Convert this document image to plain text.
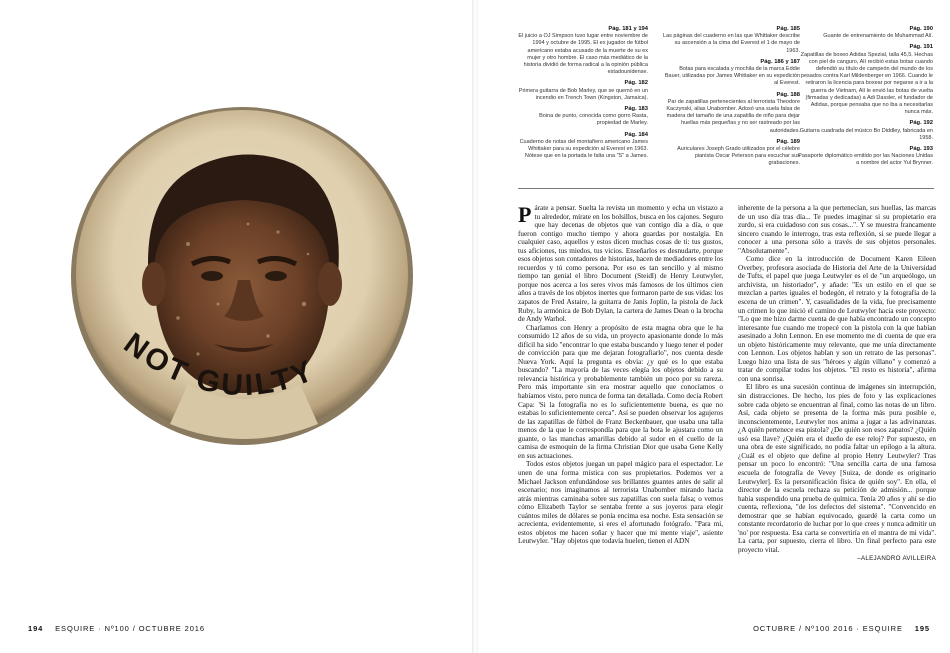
NOT GUILTY
194 ESQUIRE · Nº100 / OCTUBRE 2016
Pág. 181 y 194
El juicio a OJ Simpson tuvo lugar entre noviembre de 1994 y octubre de 1995. El ex jugador de fútbol americano estaba acusado de la muerte de su ex mujer y otro hombre. El caso más mediático de la historia dividió de forma radical a la opinión pública estadounidense.
Pág. 182
Primera guitarra de Bob Marley, que se quemó en un incendio en Trench Town (Kingston, Jamaica).
Pág. 183
Boina de punto, conocida como gorro Rasta, propiedad de Marley.
Pág. 184
Cuaderno de notas del montañero americano James Whittaker para su expedición al Everest en 1963. Nótese que en la portada le falta una "S" a James.
Pág. 185
Las páginas del cuaderno en las que Whittaker describe su ascensión a la cima del Everest el 1 de mayo de 1963.
Pág. 186 y 187
Botas para escalada y mochila de la marca Eddie Bauer, utilizadas por James Whittaker en su expedición al Everest.
Pág. 188
Par de zapatillas pertenecientes al terrorista Theodore Kaczynski, alias Unabomber. Adosó una suela falsa de madera del tamaño de una zapatilla de niño para dejar huellas más pequeñas y no ser rastreado por las autoridades.
Pág. 189
Auriculares Joseph Grado utilizados por el célebre pianista Oscar Peterson para escuchar sus grabaciones.
Pág. 190
Guante de entrenamiento de Muhammad Alí.
Pág. 191
Zapatillas de boxeo Adidas Spezial, talla 45,5. Hechas con piel de canguro, Alí recibió estas botas cuando defendió su título de campeón del mundo de los pesados contra Karl Mildenberger en 1966. Cuando le retiraron la licencia para boxear por negarse a ir a la guerra de Vietnam, Alí le envió las botas de vuelta (firmadas y dedicadas) a Adi Dassler, el fundador de Adidas, porque pensaba que no iba a necesitarlas nunca más.
Pág. 192
Guitarra cuadrada del músico Bo Diddley, fabricada en 1958.
Pág. 193
Pasaporte diplomático emitido por las Naciones Unidas a nombre del actor Yul Brynner.

Párate a pensar. Suelta la revista un momento y echa un vistazo a tu alrededor, mírate en los bolsillos, busca en los cajones. Seguro que hay decenas de objetos que van contigo día a día, o que fueron contigo mucho tiempo y ahora guardas por nostalgia. En cualquier caso, aquellos y estos dicen muchas cosas de ti: tus gustos, tus aficiones, tus miedos, tus vicios. Enseñarlos es desnudarte, porque esos objetos son contadores de historias, hacen de mediadores entre los recuerdos y tú como persona. Por eso es tan sencillo y al mismo tiempo tan genial el libro Document (Steidl) de Henry Leutwyler, porque nos acerca a los seres vivos más famosos de los últimos cien años a través de los objetos inertes que formaron parte de sus vidas: los zapatos de Fred Astaire, la guitarra de Janis Joplin, la pistola de Jack Ruby, la armónica de Bob Dylan, la cartera de James Dean o la brocha de Andy Warhol.

Charlamos con Henry a propósito de esta magna obra que le ha consumido 12 años de su vida, un proyecto apasionante donde lo más difícil ha sido "encontrar lo que estaba buscando y luego tener el poder de convicción para que me dejaran fotografiarlo", nos cuenta desde Nueva York. Aquí la pregunta es obvia: ¿y qué es lo que estaba buscando? "La mayoría de las veces elegía los objetos debido a su relevancia histórica y probablemente también un poco por su rareza. Pero más importante sin era mostrar aquello que conocíamos o habíamos visto, pero nunca de forma tan detallada. Como decía Robert Capa: 'Si la fotografía no es lo suficientemente buena, es que no estabas lo suficientemente cerca". Así se pueden observar los agujeros de las zapatillas de fútbol de Franz Beckenbauer, que usaba una talla menos de la que le correspondía para que la bota le ajustara como un guante, o las manchas amarillas debido al sudor en el cuello de la camisa de esmoquin de la firma Christian Dior que usaba Gene Kelly en sus actuaciones.

Todos estos objetos juegan un papel mágico para el espectador. Le unen de una forma mística con sus propietarios. Podemos ver a Michael Jackson enfundándose sus brillantes guantes antes de salir al escenario; nos imaginamos al terrorista Unabomber mirando hacia atrás mientras caminaba sobre sus zapatillas con suela falsa; o vemos cómo Elizabeth Taylor se sentaba frente a sus joyeros para elegir cuántos miles de dólares se ponía encima esa noche. Esta sensación se acrecienta, evidentemente, si eres el afortunado fotógrafo. "Para mí, estos objetos me hacen soñar y hacer que mi mente viaje", asiente Leutwyler. "Hay objetos que todavía huelen, tienen el ADN

inherente de la persona a la que pertenecían, sus huellas, las marcas de un uso día tras día... Te puedes imaginar si su propietario era zurdo, si era cuidadoso con sus cosas...". Y se muestra francamente sincero cuando le interrogo, tras esta reflexión, si se puede llegar a conocer a una persona sólo a través de sus objetos personales. "Absolutamente".

Como dice en la introducción de Document Karen Eileen Overbey, profesora asociada de Historia del Arte de la Universidad de Tufts, el papel que juega Leutwyler es el de "un arqueólogo, un archivista, un historiador", y añade: "Es un estilo en el que se mezclan a partes iguales el bodegón, el retrato y la fotografía de la escena de un crimen". Y, casualidades de la vida, fue precisamente un crimen lo que inició el camino de Leutwyler hacia este proyecto: "Lo que me hizo darme cuenta de que había encontrado un concepto interesante fue cuando me tropecé con la pistola con la que habían asesinado a John Lennon. En ese momento me di cuenta de que era un objeto históricamente muy relevante, que me unía directamente con Lennon. Los objetos hablan y son un retrato de las personas". Luego hizo una lista de sus "héroes y algún villano" y comenzó a tratar de compilar todos los objetos. "El resto es historia", afirma con una sonrisa.

El libro es una sucesión continua de imágenes sin interrupción, sin distracciones. De hecho, los pies de foto y las explicaciones sobre cada objeto se encuentran al final, como las notas de un libro. Así, cada objeto se presenta de la forma más pura posible e, inconscientemente, Leutwyler nos anima a jugar a las adivinanzas. ¿A quién pertenece esa pistola? ¿De quién son esos zapatos? ¿Quién usó esa llave? ¿Quién era el dueño de ese reloj? Por supuesto, en una obra de este significado, no podía faltar un epílogo a la altura. ¿Cuál es el objeto que define al propio Henry Leutwyler? Tras pensar un poco lo encontró: "Una sencilla carta de una famosa escuela de fotografía de Vevey [Suiza, de donde es originario Leutwyler]. Es la personificación física de quién soy". En ella, el director de la escuela rechaza su petición de admisión... porque había suspendido una prueba de química. Tenía 20 años y ahí se dio cuenta, reflexiona, "de los defectos del sistema". "Convencido en demostrar que se habían equivocado, guardé la carta como un constante recordatorio de luchar por lo que crees y nunca admitir un 'no' por respuesta. Esa carta se convertiría en el mantra de mi vida". La carta, por supuesto, cierra el libro. Un final perfecto para este proyecto vital.

–ALEJANDRO AVILLEIRA
OCTUBRE / Nº100 2016 · ESQUIRE 195
